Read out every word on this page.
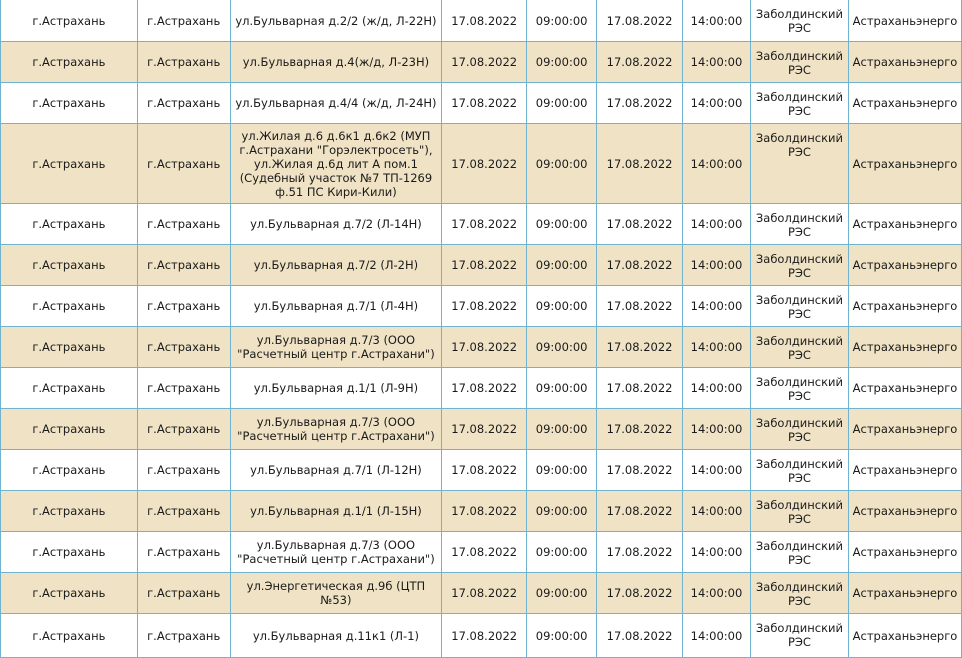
г.Астрахань	г.Астрахань	ул.Бульварная д.2/2 (ж/д, Л-22Н)	17.08.2022	09:00:00	17.08.2022	14:00:00	Заболдинский РЭС	Астраханьэнерго
г.Астрахань	г.Астрахань	ул.Бульварная д.4(ж/д, Л-23Н)	17.08.2022	09:00:00	17.08.2022	14:00:00	Заболдинский РЭС	Астраханьэнерго
г.Астрахань	г.Астрахань	ул.Бульварная д.4/4 (ж/д, Л-24Н)	17.08.2022	09:00:00	17.08.2022	14:00:00	Заболдинский РЭС	Астраханьэнерго
г.Астрахань	г.Астрахань	ул.Жилая д.6 д.6к1 д.6к2 (МУП г.Астрахани "Горэлектросеть"), ул.Жилая д.6д лит А пом.1 (Судебный участок №7 ТП-1269 ф.51 ПС Кири-Кили)	17.08.2022	09:00:00	17.08.2022	14:00:00	Заболдинский РЭС	Астраханьэнерго
г.Астрахань	г.Астрахань	ул.Бульварная д.7/2 (Л-14Н)	17.08.2022	09:00:00	17.08.2022	14:00:00	Заболдинский РЭС	Астраханьэнерго
г.Астрахань	г.Астрахань	ул.Бульварная д.7/2 (Л-2Н)	17.08.2022	09:00:00	17.08.2022	14:00:00	Заболдинский РЭС	Астраханьэнерго
г.Астрахань	г.Астрахань	ул.Бульварная д.7/1 (Л-4Н)	17.08.2022	09:00:00	17.08.2022	14:00:00	Заболдинский РЭС	Астраханьэнерго
г.Астрахань	г.Астрахань	ул.Бульварная д.7/3 (ООО "Расчетный центр г.Астрахани")	17.08.2022	09:00:00	17.08.2022	14:00:00	Заболдинский РЭС	Астраханьэнерго
г.Астрахань	г.Астрахань	ул.Бульварная д.1/1 (Л-9Н)	17.08.2022	09:00:00	17.08.2022	14:00:00	Заболдинский РЭС	Астраханьэнерго
г.Астрахань	г.Астрахань	ул.Бульварная д.7/3 (ООО "Расчетный центр г.Астрахани")	17.08.2022	09:00:00	17.08.2022	14:00:00	Заболдинский РЭС	Астраханьэнерго
г.Астрахань	г.Астрахань	ул.Бульварная д.7/1 (Л-12Н)	17.08.2022	09:00:00	17.08.2022	14:00:00	Заболдинский РЭС	Астраханьэнерго
г.Астрахань	г.Астрахань	ул.Бульварная д.1/1 (Л-15Н)	17.08.2022	09:00:00	17.08.2022	14:00:00	Заболдинский РЭС	Астраханьэнерго
г.Астрахань	г.Астрахань	ул.Бульварная д.7/3 (ООО "Расчетный центр г.Астрахани")	17.08.2022	09:00:00	17.08.2022	14:00:00	Заболдинский РЭС	Астраханьэнерго
г.Астрахань	г.Астрахань	ул.Энергетическая д.9б (ЦТП №53)	17.08.2022	09:00:00	17.08.2022	14:00:00	Заболдинский РЭС	Астраханьэнерго
г.Астрахань	г.Астрахань	ул.Бульварная д.11к1 (Л-1)	17.08.2022	09:00:00	17.08.2022	14:00:00	Заболдинский РЭС	Астраханьэнерго
